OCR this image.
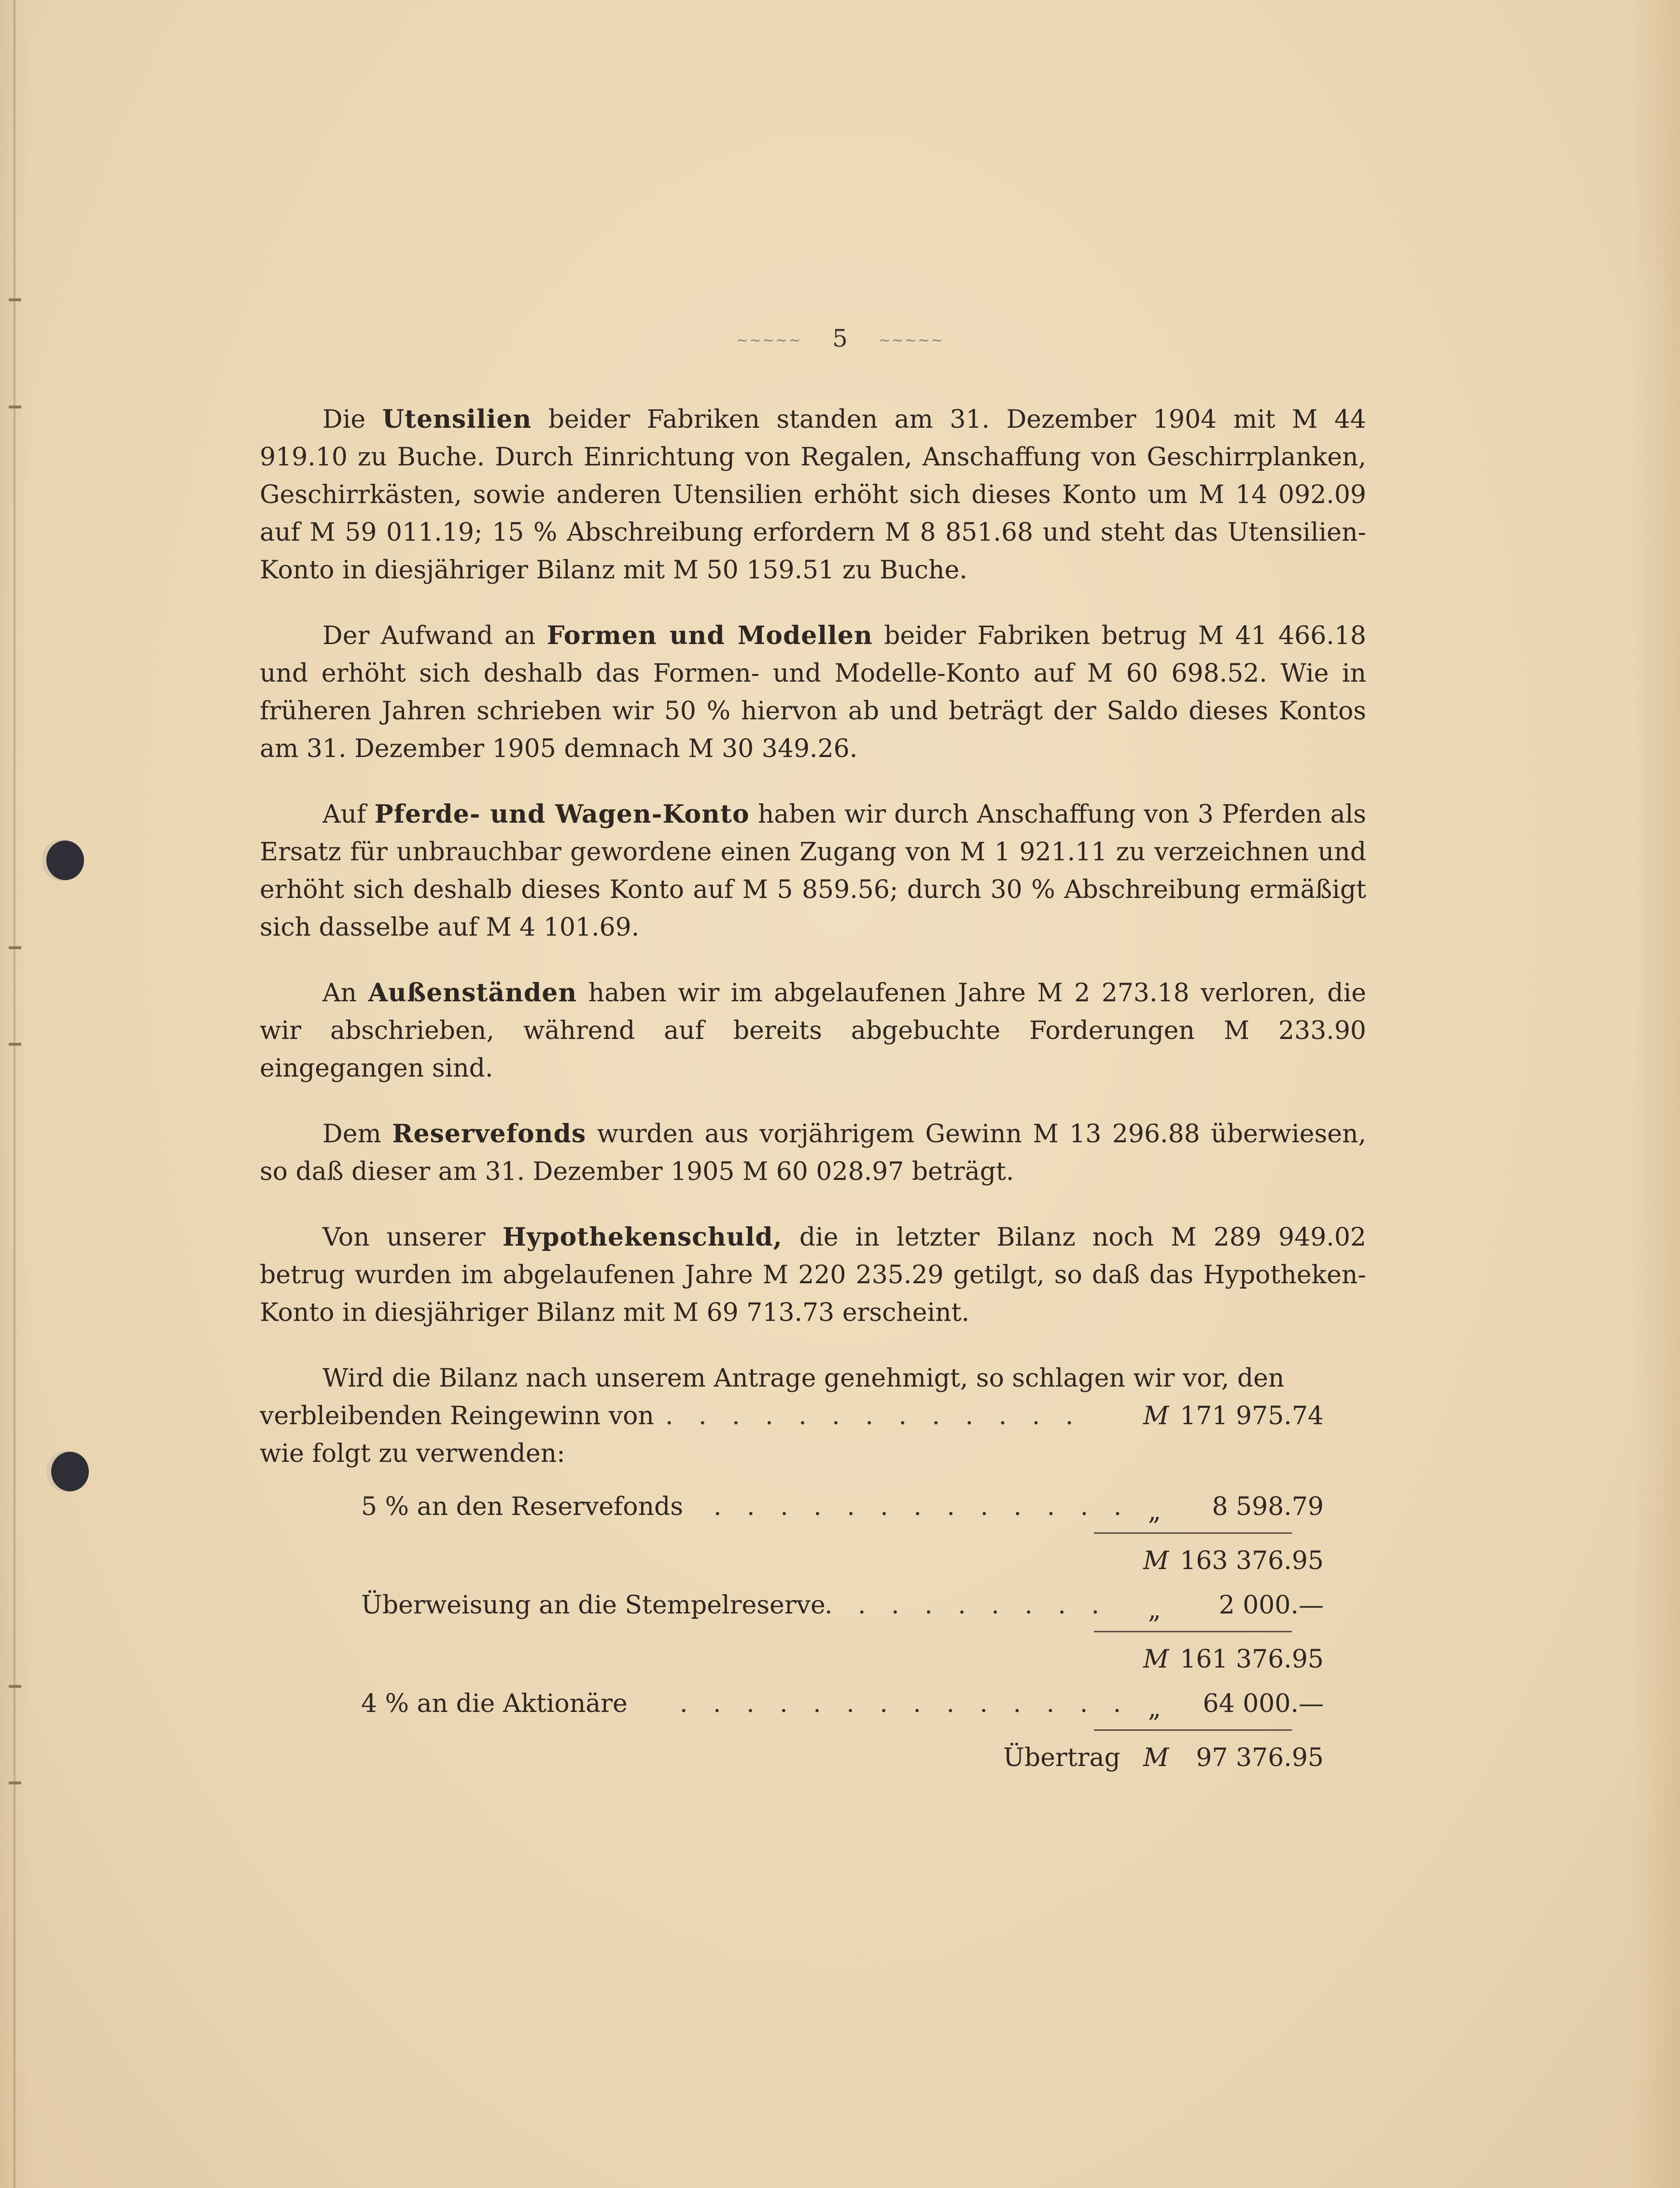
~~~~~ 5 ~~~~~

Die Utensilien beider Fabriken standen am 31. Dezember 1904 mit M 44 919.10 zu Buche. Durch Einrichtung von Regalen, Anschaffung von Geschirrplanken, Geschirrkästen, sowie anderen Utensilien erhöht sich dieses Konto um M 14 092.09 auf M 59 011.19; 15 % Abschreibung erfordern M 8 851.68 und steht das Utensilien-Konto in diesjähriger Bilanz mit M 50 159.51 zu Buche.

Der Aufwand an Formen und Modellen beider Fabriken betrug M 41 466.18 und erhöht sich deshalb das Formen- und Modelle-Konto auf M 60 698.52. Wie in früheren Jahren schrieben wir 50 % hiervon ab und beträgt der Saldo dieses Kontos am 31. Dezember 1905 demnach M 30 349.26.

Auf Pferde- und Wagen-Konto haben wir durch Anschaffung von 3 Pferden als Ersatz für unbrauchbar gewordene einen Zugang von M 1 921.11 zu verzeichnen und erhöht sich deshalb dieses Konto auf M 5 859.56; durch 30 % Abschreibung ermäßigt sich dasselbe auf M 4 101.69.

An Außenständen haben wir im abgelaufenen Jahre M 2 273.18 verloren, die wir abschrieben, während auf bereits abgebuchte Forderungen M 233.90 eingegangen sind.

Dem Reservefonds wurden aus vorjährigem Gewinn M 13 296.88 überwiesen, so daß dieser am 31. Dezember 1905 M 60 028.97 beträgt.

Von unserer Hypothekenschuld, die in letzter Bilanz noch M 289 949.02 betrug wurden im abgelaufenen Jahre M 220 235.29 getilgt, so daß das Hypotheken-Konto in diesjähriger Bilanz mit M 69 713.73 erscheint.

Wird die Bilanz nach unserem Antrage genehmigt, so schlagen wir vor, den

verbleibenden Reingewinn von . . . . . . . . . . . . . M 171 975.74
wie folgt zu verwenden:
5 % an den Reservefonds . . . . . . . . . . . . . „ 8 598.79
M 163 376.95
Überweisung an die Stempelreserve
. . . . . . . . . „ 2 000.—
M 161 376.95
4 % an die Aktionäre . . . . . . . . . . . . . . „ 64 000.—
Übertrag M 97 376.95
